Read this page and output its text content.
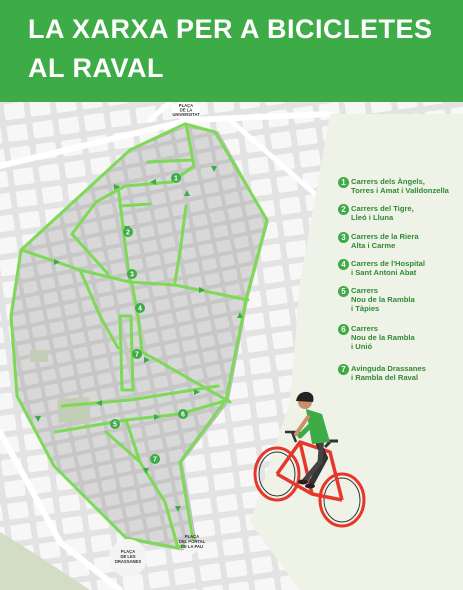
LA XARXA PER A BICICLETES
AL RAVAL
1
2
3
4
5
6
7
7
PLAÇA
DE LA
UNIVERSITAT
PLAÇA
DE LES
DRASSANES
PLAÇA
DEL PORTAL
DE LA PAU
1 Carrers dels Àngels,
Torres i Amat i Valldonzella
2 Carrers del Tigre,
Lleó i Lluna
3 Carrers de la Riera
Alta i Carme
4 Carrers de l'Hospital
i Sant Antoni Abat
5 Carrers
Nou de la Rambla
i Tàpies
6 Carrers
Nou de la Rambla
i Unió
7 Avinguda Drassanes
i Rambla del Raval
